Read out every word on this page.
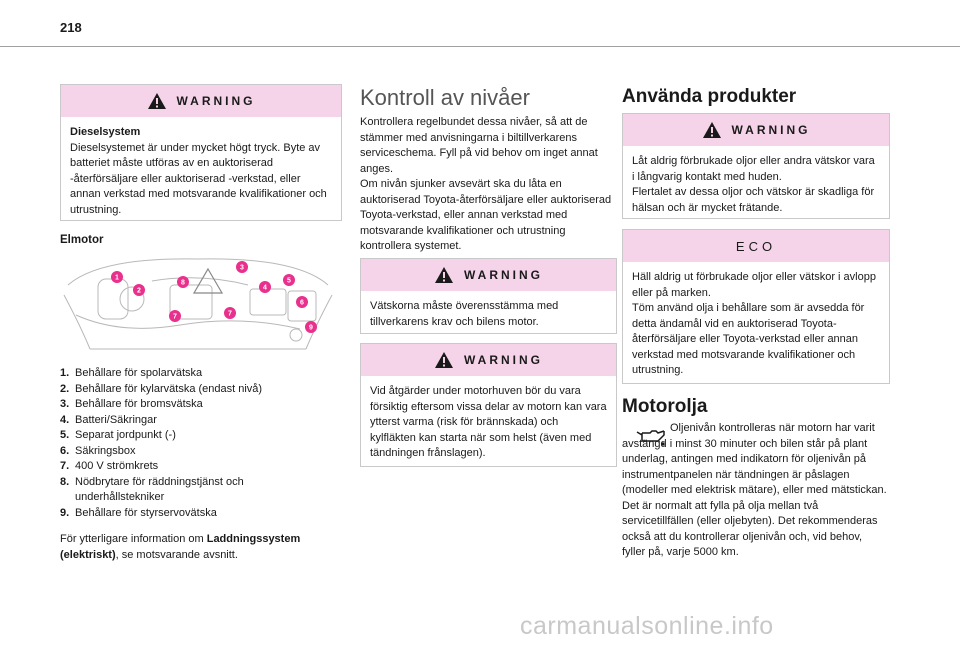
218
WARNING
Dieselsystem
Dieselsystemet är under mycket högt tryck. Byte av batteriet måste utföras av en auktoriserad -återförsäljare eller auktoriserad -verkstad, eller annan verkstad med motsvarande kvalifikationer och utrustning.
Elmotor
1
2
3
4
5
6
7	7
8
9
1. Behållare för spolarvätska
2. Behållare för kylarvätska (endast nivå)
3. Behållare för bromsvätska
4. Batteri/Säkringar
5. Separat jordpunkt (-)
6. Säkringsbox
7. 400 V strömkrets
8. Nödbrytare för räddningstjänst och underhållstekniker
9. Behållare för styrservovätska
För ytterligare information om Laddningssystem (elektriskt), se motsvarande avsnitt.
Kontroll av nivåer
Kontrollera regelbundet dessa nivåer, så att de stämmer med anvisningarna i biltillverkarens serviceschema. Fyll på vid behov om inget annat anges.
Om nivån sjunker avsevärt ska du låta en auktoriserad Toyota-återförsäljare eller auktoriserad Toyota-verkstad, eller annan verkstad med motsvarande kvalifikationer och utrustning kontrollera systemet.
WARNING
Vätskorna måste överensstämma med tillverkarens krav och bilens motor.
WARNING
Vid åtgärder under motorhuven bör du vara försiktig eftersom vissa delar av motorn kan vara ytterst varma (risk för brännskada) och kylfläkten kan starta när som helst (även med tändningen frånslagen).
Använda produkter
WARNING
Låt aldrig förbrukade oljor eller andra vätskor vara i långvarig kontakt med huden.
Flertalet av dessa oljor och vätskor är skadliga för hälsan och är mycket frätande.
ECO
Häll aldrig ut förbrukade oljor eller vätskor i avlopp eller på marken.
Töm använd olja i behållare som är avsedda för detta ändamål vid en auktoriserad Toyota-återförsäljare eller Toyota-verkstad eller annan verkstad med motsvarande kvalifikationer och utrustning.
Motorolja
Oljenivån kontrolleras när motorn har varit avstängd i minst 30 minuter och bilen står på plant underlag, antingen med indikatorn för oljenivån på instrumentpanelen när tändningen är påslagen (modeller med elektrisk mätare), eller med mätstickan.
Det är normalt att fylla på olja mellan två servicetillfällen (eller oljebyten). Det rekommenderas också att du kontrollerar oljenivån och, vid behov, fyller på, varje 5000 km.
carmanualsonline.info
